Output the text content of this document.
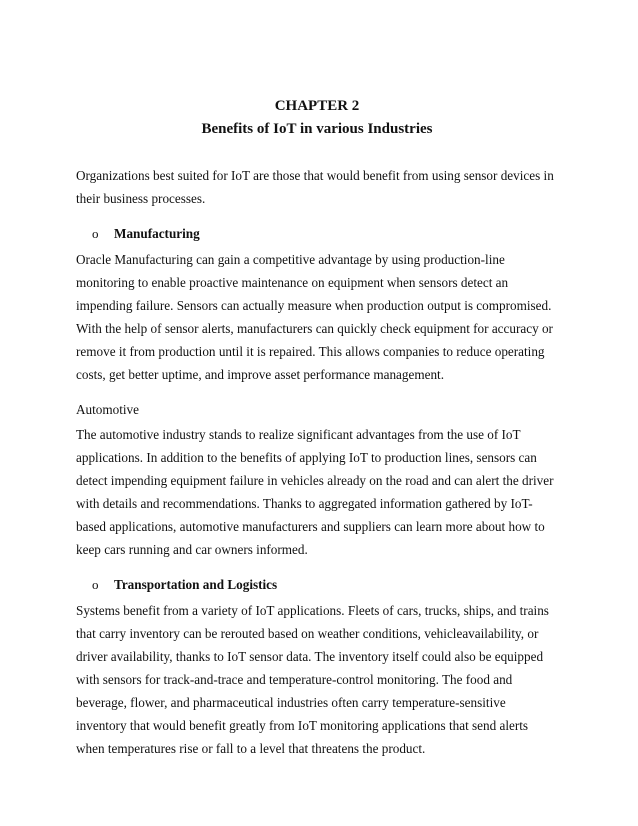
CHAPTER 2
Benefits of IoT in various Industries

Organizations best suited for IoT are those that would benefit from using sensor devices in their business processes.

o	Manufacturing

Oracle Manufacturing can gain a competitive advantage by using production-line monitoring to enable proactive maintenance on equipment when sensors detect an impending failure. Sensors can actually measure when production output is compromised. With the help of sensor alerts, manufacturers can quickly check equipment for accuracy or remove it from production until it is repaired. This allows companies to reduce operating costs, get better uptime, and improve asset performance management.

Automotive

The automotive industry stands to realize significant advantages from the use of IoT applications. In addition to the benefits of applying IoT to production lines, sensors can detect impending equipment failure in vehicles already on the road and can alert the driver with details and recommendations. Thanks to aggregated information gathered by IoT-based applications, automotive manufacturers and suppliers can learn more about how to keep cars running and car owners informed.

o	Transportation and Logistics

Systems benefit from a variety of IoT applications. Fleets of cars, trucks, ships, and trains that carry inventory can be rerouted based on weather conditions, vehicleavailability, or driver availability, thanks to IoT sensor data. The inventory itself could also be equipped with sensors for track-and-trace and temperature-control monitoring. The food and beverage, flower, and pharmaceutical industries often carry temperature-sensitive inventory that would benefit greatly from IoT monitoring applications that send alerts when temperatures rise or fall to a level that threatens the product.
